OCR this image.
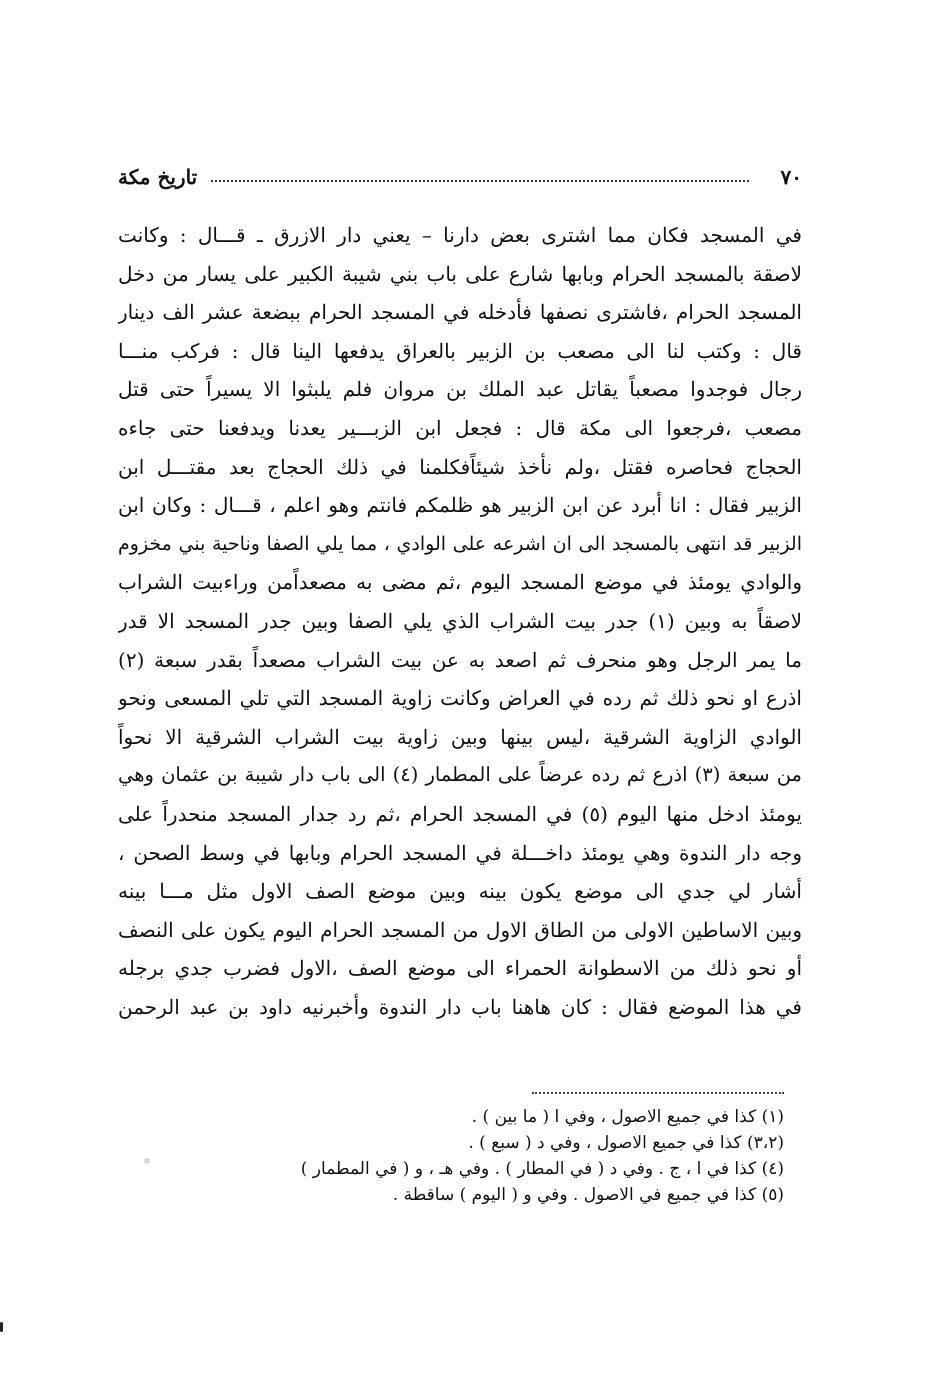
٧٠
تاريخ مكة
في المسجد فكان مما اشترى بعض دارنا – يعني دار الازرق ـ قـــال : وكانت
لاصقة بالمسجد الحرام وبابها شارع على باب بني شيبة الكبير على يسار من دخل
المسجد الحرام ،فاشترى نصفها فأدخله في المسجد الحرام ببضعة عشر الف دينار
قال : وكتب لنا الى مصعب بن الزبير بالعراق يدفعها الينا قال : فركب منـــا
رجال فوجدوا مصعباً يقاتل عبد الملك بن مروان فلم يلبثوا الا يسيراً حتى قتل
مصعب ،فرجعوا الى مكة قال : فجعل ابن الزبـــير يعدنا ويدفعنا حتى جاءه
الحجاج فحاصره فقتل ،ولم نأخذ شيئاًفكلمنا في ذلك الحجاج بعد مقتـــل ابن
الزبير فقال : انا أبرد عن ابن الزبير هو ظلمكم فانتم وهو اعلم ، قـــال : وكان ابن
الزبير قد انتهى بالمسجد الى ان اشرعه على الوادي ، مما يلي الصفا وناحية بني مخزوم
والوادي يومئذ في موضع المسجد اليوم ،ثم مضى به مصعداًمن وراءبيت الشراب
لاصقاً به وبين (١) جدر بيت الشراب الذي يلي الصفا وبين جدر المسجد الا قدر
ما يمر الرجل وهو منحرف ثم اصعد به عن بيت الشراب مصعداً بقدر سبعة (٢)
اذرع او نحو ذلك ثم رده في العراض وكانت زاوية المسجد التي تلي المسعى ونحو
الوادي الزاوية الشرقية ،ليس بينها وبين زاوية بيت الشراب الشرقية الا نحواً
من سبعة (٣) اذرع ثم رده عرضاً على المطمار (٤) الى باب دار شيبة بن عثمان وهي
يومئذ ادخل منها اليوم (٥) في المسجد الحرام ،ثم رد جدار المسجد منحدراً على
وجه دار الندوة وهي يومئذ داخـــلة في المسجد الحرام وبابها في وسط الصحن ،
أشار لي جدي الى موضع يكون بينه وبين موضع الصف الاول مثل مـــا بينه
وبين الاساطين الاولى من الطاق الاول من المسجد الحرام اليوم يكون على النصف
أو نحو ذلك من الاسطوانة الحمراء الى موضع الصف ،الاول فضرب جدي برجله
في هذا الموضع فقال : كان هاهنا باب دار الندوة وأخبرنيه داود بن عبد الرحمن
(١) كذا في جميع الاصول ، وفي ا ( ما بين ) .
(٣،٢) كذا في جميع الاصول ، وفي د ( سبع ) .
(٤) كذا في ا ، ج . وفي د ( في المطار ) . وفي هـ ، و ( في المطمار )
(٥) كذا في جميع في الاصول . وفي و ( اليوم ) ساقطة .
